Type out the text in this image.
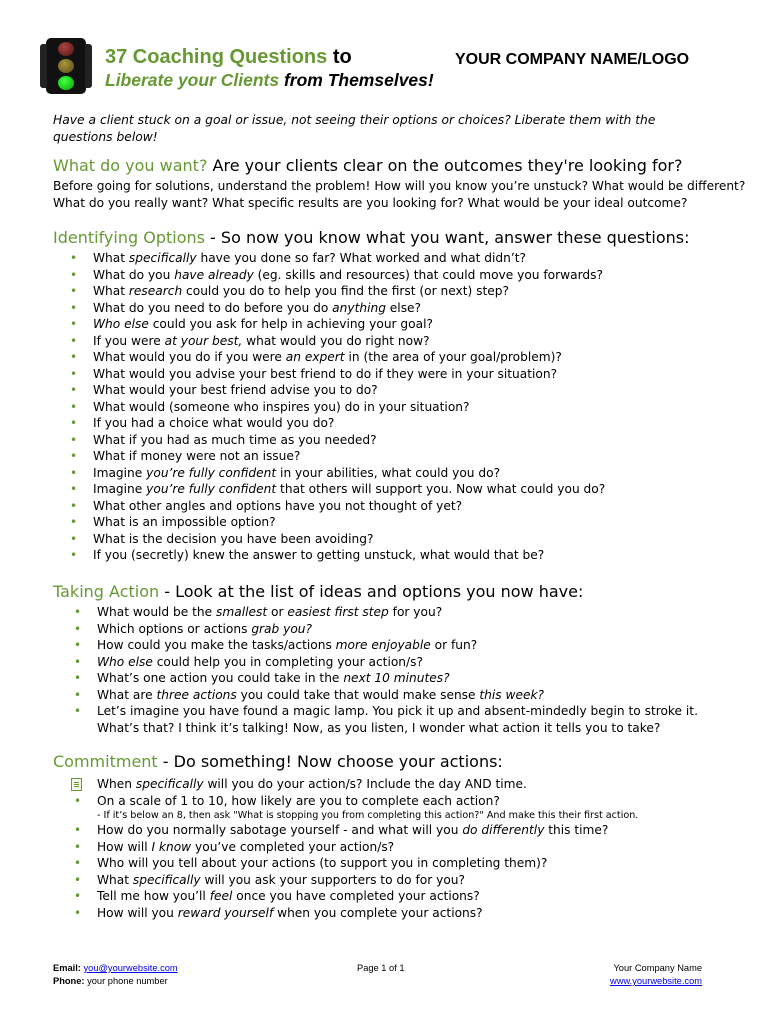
37 Coaching Questions to
Liberate your Clients from Themselves!
YOUR COMPANY NAME/LOGO
Have a client stuck on a goal or issue, not seeing their options or choices? Liberate them with the questions below!
What do you want? Are your clients clear on the outcomes they're looking for?
Before going for solutions, understand the problem! How will you know you’re unstuck? What would be different?
What do you really want? What specific results are you looking for? What would be your ideal outcome?
Identifying Options - So now you know what you want, answer these questions:
• What specifically have you done so far? What worked and what didn’t?
• What do you have already (eg. skills and resources) that could move you forwards?
• What research could you do to help you find the first (or next) step?
• What do you need to do before you do anything else?
• Who else could you ask for help in achieving your goal?
• If you were at your best, what would you do right now?
• What would you do if you were an expert in (the area of your goal/problem)?
• What would you advise your best friend to do if they were in your situation?
• What would your best friend advise you to do?
• What would (someone who inspires you) do in your situation?
• If you had a choice what would you do?
• What if you had as much time as you needed?
• What if money were not an issue?
• Imagine you’re fully confident in your abilities, what could you do?
• Imagine you’re fully confident that others will support you. Now what could you do?
• What other angles and options have you not thought of yet?
• What is an impossible option?
• What is the decision you have been avoiding?
• If you (secretly) knew the answer to getting unstuck, what would that be?
Taking Action - Look at the list of ideas and options you now have:
• What would be the smallest or easiest first step for you?
• Which options or actions grab you?
• How could you make the tasks/actions more enjoyable or fun?
• Who else could help you in completing your action/s?
• What’s one action you could take in the next 10 minutes?
• What are three actions you could take that would make sense this week?
• Let’s imagine you have found a magic lamp. You pick it up and absent-mindedly begin to stroke it.
What’s that? I think it’s talking! Now, as you listen, I wonder what action it tells you to take?
Commitment - Do something! Now choose your actions:
When specifically will you do your action/s? Include the day AND time.
• On a scale of 1 to 10, how likely are you to complete each action?
- If it’s below an 8, then ask "What is stopping you from completing this action?" And make this their first action.
• How do you normally sabotage yourself - and what will you do differently this time?
• How will I know you’ve completed your action/s?
• Who will you tell about your actions (to support you in completing them)?
• What specifically will you ask your supporters to do for you?
• Tell me how you’ll feel once you have completed your actions?
• How will you reward yourself when you complete your actions?
Email: you@yourwebsite.com
Phone: your phone number
Page 1 of 1	Your Company Name
www.yourwebsite.com
